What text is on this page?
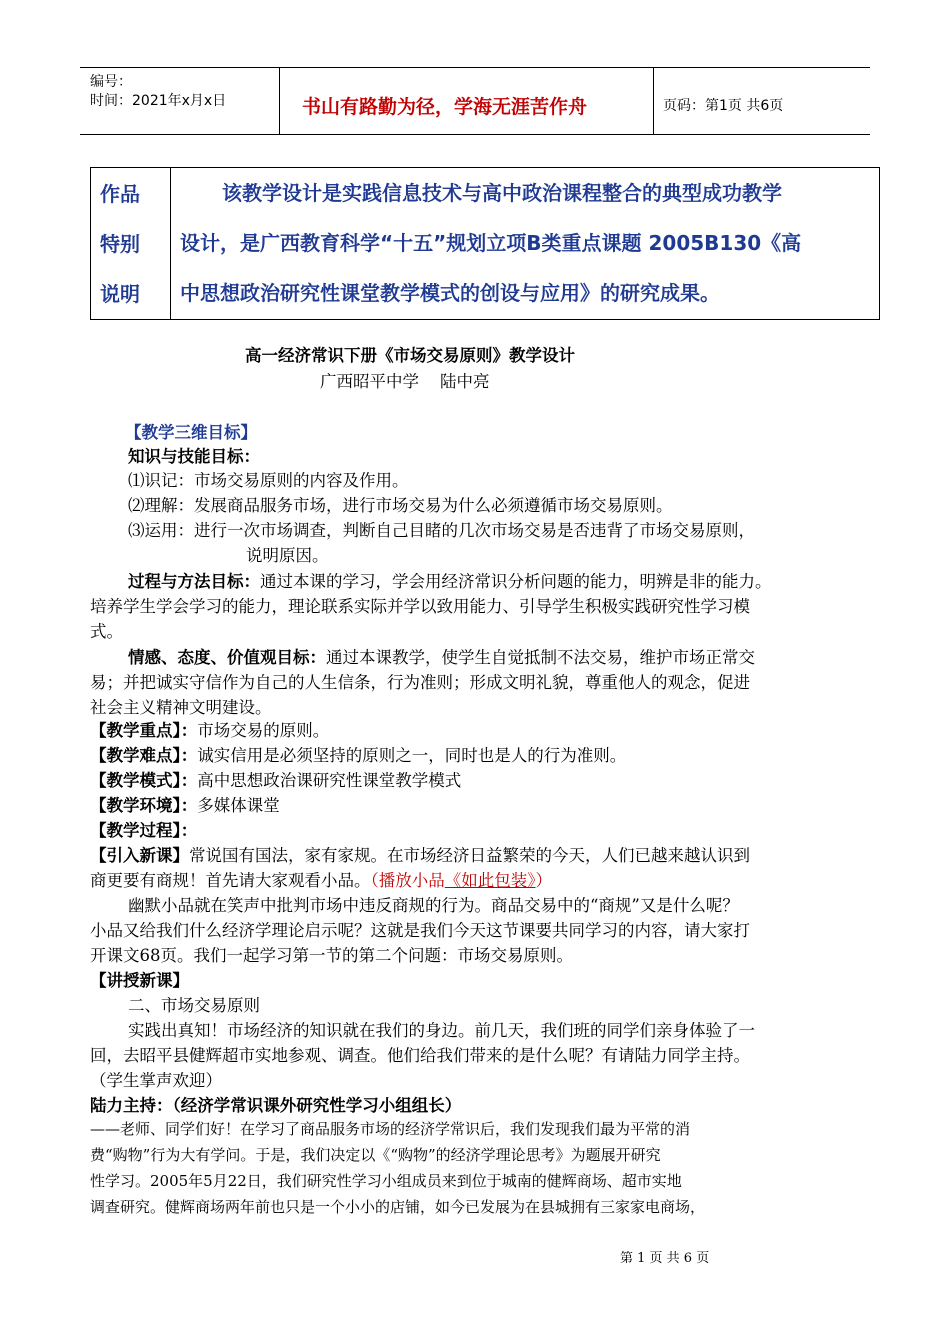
编号：
时间：2021年x月x日	书山有路勤为径，学海无涯苦作舟	页码：第1页 共6页
作品
特别
说明
该教学设计是实践信息技术与高中政治课程整合的典型成功教学
设计，是广西教育科学“十五”规划立项B类重点课题 2005B130《高
中思想政治研究性课堂教学模式的创设与应用》的研究成果。
高一经济常识下册《市场交易原则》教学设计
广西昭平中学    陆中亮
【教学三维目标】
知识与技能目标：
⑴识记：市场交易原则的内容及作用。
⑵理解：发展商品服务市场，进行市场交易为什么必须遵循市场交易原则。
⑶运用：进行一次市场调查，判断自己目睹的几次市场交易是否违背了市场交易原则，
说明原因。
过程与方法目标：通过本课的学习，学会用经济常识分析问题的能力，明辨是非的能力。
培养学生学会学习的能力，理论联系实际并学以致用能力、引导学生积极实践研究性学习模
式。
情感、态度、价值观目标：通过本课教学，使学生自觉抵制不法交易，维护市场正常交
易；并把诚实守信作为自己的人生信条，行为准则；形成文明礼貌，尊重他人的观念，促进
社会主义精神文明建设。
【教学重点】：市场交易的原则。
【教学难点】：诚实信用是必须坚持的原则之一，同时也是人的行为准则。
【教学模式】：高中思想政治课研究性课堂教学模式
【教学环境】：多媒体课堂
【教学过程】：
【引入新课】常说国有国法，家有家规。在市场经济日益繁荣的今天，人们已越来越认识到
商更要有商规！首先请大家观看小品。（播放小品《如此包装》）
幽默小品就在笑声中批判市场中违反商规的行为。商品交易中的“商规”又是什么呢？
小品又给我们什么经济学理论启示呢？这就是我们今天这节课要共同学习的内容，请大家打
开课文68页。我们一起学习第一节的第二个问题：市场交易原则。
【讲授新课】
二、市场交易原则
实践出真知！市场经济的知识就在我们的身边。前几天，我们班的同学们亲身体验了一
回，去昭平县健辉超市实地参观、调查。他们给我们带来的是什么呢？有请陆力同学主持。
（学生掌声欢迎）
陆力主持：（经济学常识课外研究性学习小组组长）
——老师、同学们好！在学习了商品服务市场的经济学常识后，我们发现我们最为平常的消
费“购物”行为大有学问。于是，我们决定以《“购物”的经济学理论思考》为题展开研究
性学习。2005年5月22日，我们研究性学习小组成员来到位于城南的健辉商场、超市实地
调查研究。健辉商场两年前也只是一个小小的店铺，如今已发展为在县城拥有三家家电商场，
第 1 页 共 6 页
